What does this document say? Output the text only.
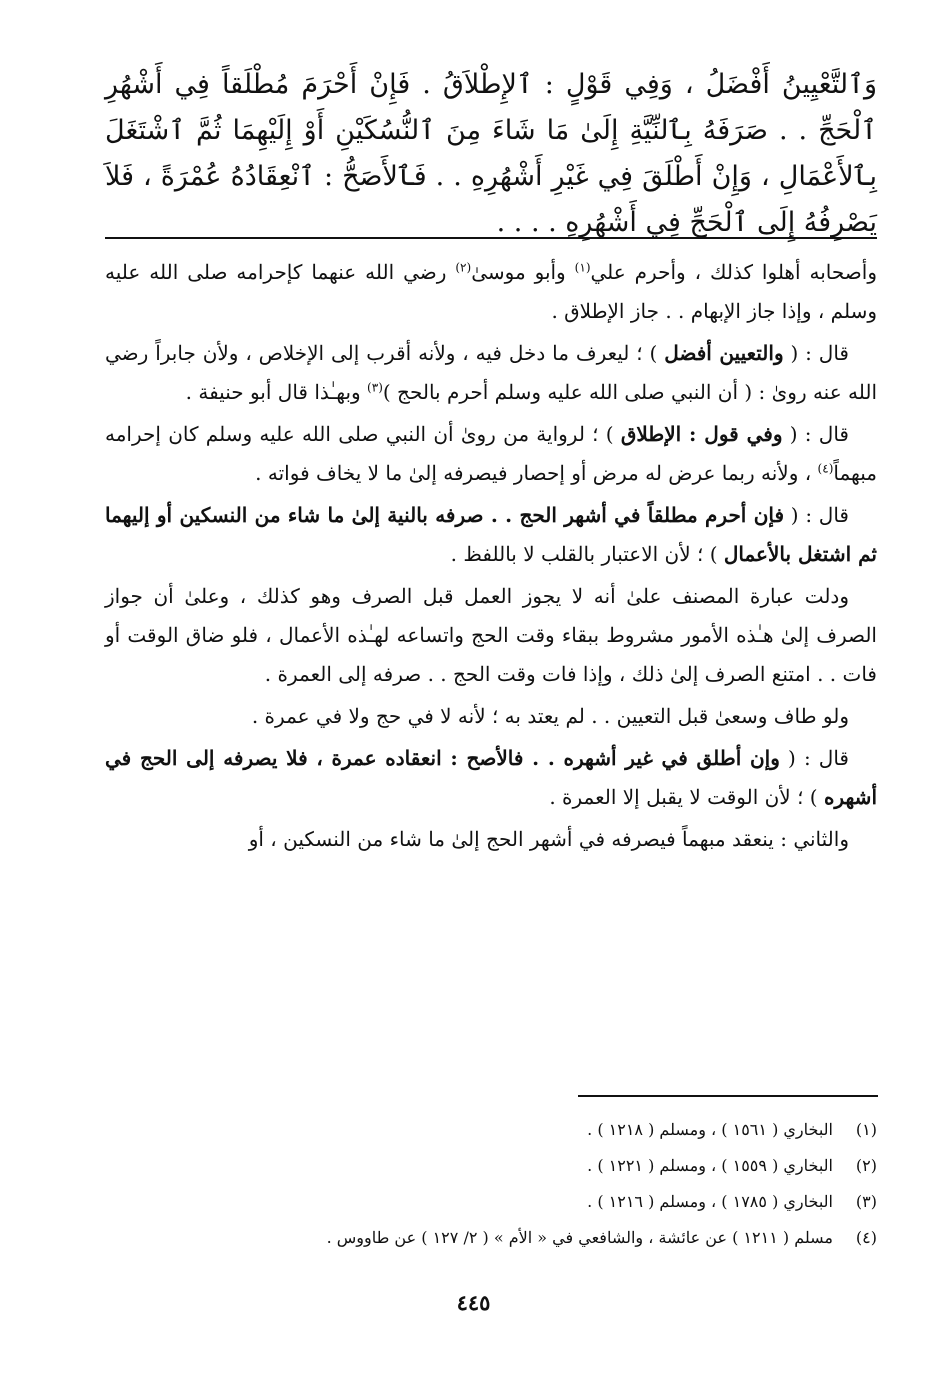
وَٱلتَّعْيِينُ أَفْضَلُ ، وَفِي قَوْلٍ : ٱلإِطْلاَقُ . فَإِنْ أَحْرَمَ مُطْلَقاً فِي أَشْهُرِ ٱلْحَجِّ . . صَرَفَهُ بِٱلنِّيَّةِ إِلَىٰ مَا شَاءَ مِنَ ٱلنُّسُكَيْنِ أَوْ إِلَيْهِمَا ثُمَّ ٱشْتَغَلَ بِٱلأَعْمَالِ ، وَإِنْ أَطْلَقَ فِي غَيْرِ أَشْهُرِهِ . . فَٱلأَصَحُّ : ٱنْعِقَادُهُ عُمْرَةً ، فَلاَ يَصْرِفُهُ إِلَى ٱلْحَجِّ فِي أَشْهُرِهِ . . . .

وأصحابه أهلوا كذلك ، وأحرم علي$^{(١)}$ وأبو موسىٰ$^{(٢)}$ رضي الله عنهما كإحرامه صلى الله عليه وسلم ، وإذا جاز الإبهام . . جاز الإطلاق .

قال : ( والتعيين أفضل ) ؛ ليعرف ما دخل فيه ، ولأنه أقرب إلى الإخلاص ، ولأن جابراً رضي الله عنه روىٰ : ( أن النبي صلى الله عليه وسلم أحرم بالحج )$^{(٣)}$ وبهـٰذا قال أبو حنيفة .

قال : ( وفي قول : الإطلاق ) ؛ لرواية من روىٰ أن النبي صلى الله عليه وسلم كان إحرامه مبهماً$^{(٤)}$ ، ولأنه ربما عرض له مرض أو إحصار فيصرفه إلىٰ ما لا يخاف فواته .

قال : ( فإن أحرم مطلقاً في أشهر الحج . . صرفه بالنية إلىٰ ما شاء من النسكين أو إليهما ثم اشتغل بالأعمال ) ؛ لأن الاعتبار بالقلب لا باللفظ .

ودلت عبارة المصنف علىٰ أنه لا يجوز العمل قبل الصرف وهو كذلك ، وعلىٰ أن جواز الصرف إلىٰ هـٰذه الأمور مشروط ببقاء وقت الحج واتساعه لهـٰذه الأعمال ، فلو ضاق الوقت أو فات . . امتنع الصرف إلىٰ ذلك ، وإذا فات وقت الحج . . صرفه إلى العمرة .

ولو طاف وسعىٰ قبل التعيين . . لم يعتد به ؛ لأنه لا في حج ولا في عمرة .

قال : ( وإن أطلق في غير أشهره . . فالأصح : انعقاده عمرة ، فلا يصرفه إلى الحج في أشهره ) ؛ لأن الوقت لا يقبل إلا العمرة .

والثاني : ينعقد مبهماً فيصرفه في أشهر الحج إلىٰ ما شاء من النسكين ، أو

(١)
البخاري ( ١٥٦١ ) ، ومسلم ( ١٢١٨ ) .
(٢)
البخاري ( ١٥٥٩ ) ، ومسلم ( ١٢٢١ ) .
(٣)
البخاري ( ١٧٨٥ ) ، ومسلم ( ١٢١٦ ) .
(٤)
مسلم ( ١٢١١ ) عن عائشة ، والشافعي في « الأم » ( ٢/ ١٢٧ ) عن طاووس .
٤٤٥
